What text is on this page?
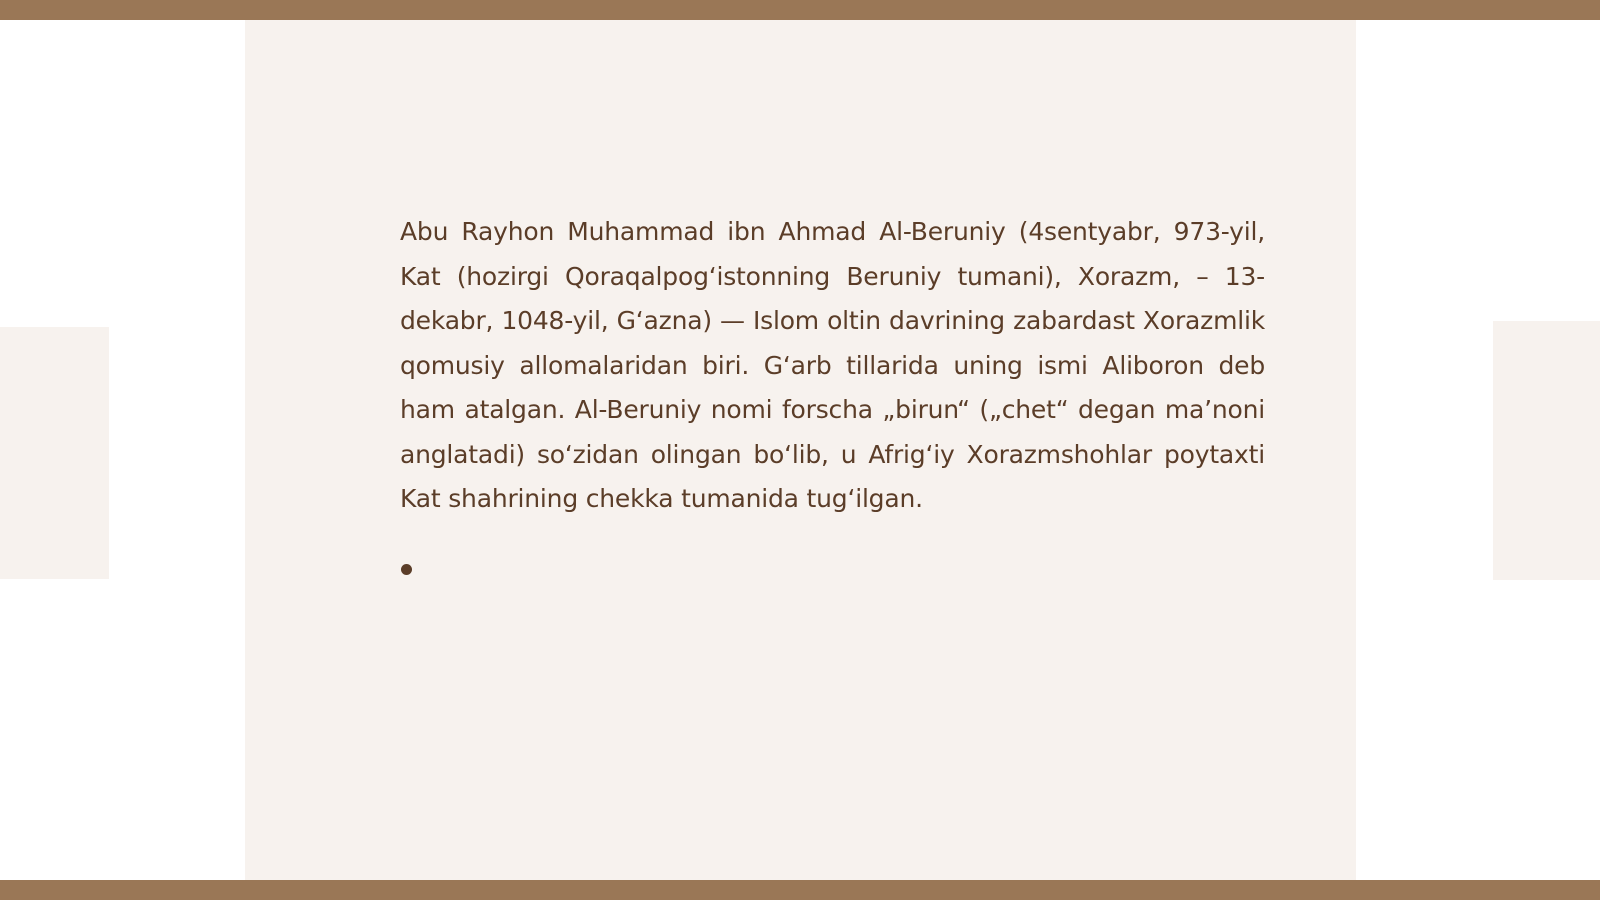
Abu Rayhon Muhammad ibn Ahmad Al-Beruniy (4sentyabr, 973-yil, Kat (hozirgi Qoraqalpogʻistonning Beruniy tumani), Xorazm, – 13-dekabr, 1048-yil, Gʻazna) — Islom oltin davrining zabardast Xorazmlik qomusiy allomalaridan biri. Gʻarb tillarida uning ismi Aliboron deb ham atalgan. Al-Beruniy nomi forscha „birun“ („chet“ degan ma’noni anglatadi) soʻzidan olingan boʻlib, u Afrigʻiy Xorazmshohlar poytaxti Kat shahrining chekka tumanida tugʻilgan.
